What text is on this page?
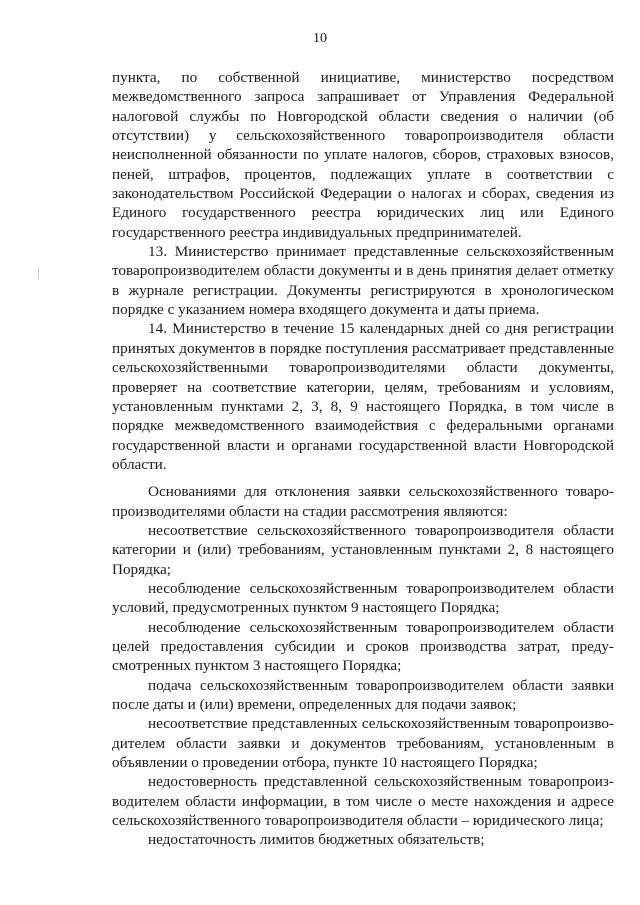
10

пункта, по собственной инициативе, министерство посредством межведомственного запроса запрашивает от Управления Федеральной налоговой службы по Новгородской области сведения о наличии (об отсутствии) у сельскохозяйственного товаропроизводителя области неисполненной обязанности по уплате налогов, сборов, страховых взносов, пеней, штрафов, процентов, подлежащих уплате в соответствии с законодательством Российской Федерации о налогах и сборах, сведения из Единого государственного реестра юридических лиц или Единого государственного реестра индивидуальных предпринимателей.

13. Министерство принимает представленные сельскохозяйственным товаропроизводителем области документы и в день принятия делает отметку в журнале регистрации. Документы регистрируются в хронологическом порядке с указанием номера входящего документа и даты приема.

14. Министерство в течение 15 календарных дней со дня регистрации принятых документов в порядке поступления рассматривает представленные сельскохозяйственными товаропроизводителями области документы, проверяет на соответствие категории, целям, требованиям и условиям, установленным пунктами 2, 3, 8, 9 настоящего Порядка, в том числе в порядке межведомственного взаимодействия с федеральными органами государственной власти и органами государственной власти Новгородской области.

Основаниями для отклонения заявки сельскохозяйственного товаро-производителями области на стадии рассмотрения являются:

несоответствие сельскохозяйственного товаропроизводителя области категории и (или) требованиям, установленным пунктами 2, 8 настоящего Порядка;

несоблюдение сельскохозяйственным товаропроизводителем области условий, предусмотренных пунктом 9 настоящего Порядка;

несоблюдение сельскохозяйственным товаропроизводителем области целей предоставления субсидии и сроков производства затрат, преду-смотренных пунктом 3 настоящего Порядка;

подача сельскохозяйственным товаропроизводителем области заявки после даты и (или) времени, определенных для подачи заявок;

несоответствие представленных сельскохозяйственным товаропроизво-дителем области заявки и документов требованиям, установленным в объявлении о проведении отбора, пункте 10 настоящего Порядка;

недостоверность представленной сельскохозяйственным товаропроиз-водителем области информации, в том числе о месте нахождения и адресе сельскохозяйственного товаропроизводителя области – юридического лица;

недостаточность лимитов бюджетных обязательств;
